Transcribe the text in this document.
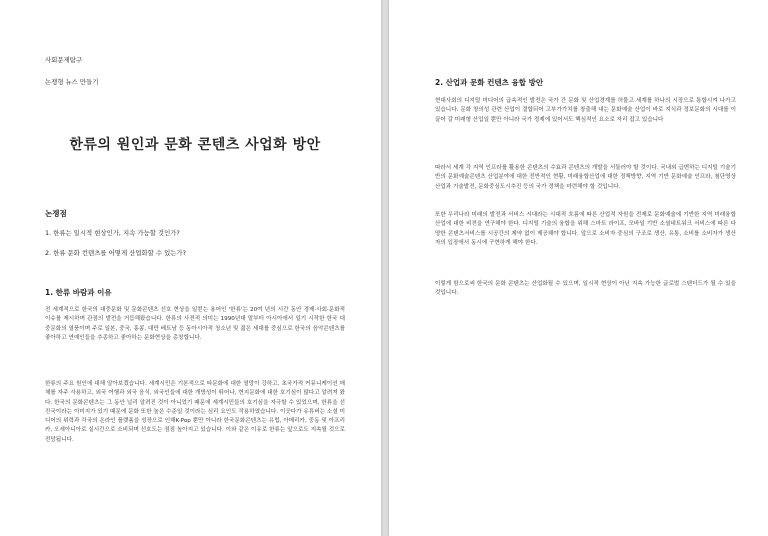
사회문제탐구

논쟁형 뉴스 만들기

한류의 원인과 문화 콘텐츠 사업화 방안
논쟁점

1. 한류는 일시적 현상인가, 지속 가능할 것인가?

2. 한류 문화 컨텐츠를 어떻게 산업화할 수 있는가?

1. 한류 바람과 이유

전 세계적으로 한국의 대중문화 및 문화콘텐츠 선호 현상을 일컫는 용어인 '한류'는 20여 년의 시간 동안 경제·사회·문화적 이슈를 제시하며 관점의 발전을 거듭해왔습니다. 한류의 사전적 의미는 1990년대 말부터 아시아에서 일기 시작한 한국 대중문화의 열풍이며 주로 일본, 중국, 홍콩, 대만 베트남 등 동아시아적 청소년 및 젊은 세대를 중심으로 한국의 음악콘텐츠를 좋아하고 연예인들을 추종하고 좋아하는 문화현상을 총칭합니다.

한류의 주요 원인에 대해 알아보겠습니다. 세계시민은 기본적으로 타문화에 대한 열망이 강하고, 초국가적 커뮤니케이션 매체를 자주 사용하고, 외국 여행과 외국 음식, 외국인들에 대한 개방성이 뛰어나, 현지문화에 대한 호기심이 많다고 알려져 왔다. 한국의 문화콘텐츠는 그 동안 널리 알려진 것이 아니었기 때문에 세계시민들의 호기심을 자극할 수 있었으며, 한류을 선진국이라는 이미지가 있기 때문에 문화 또한 높은 수준일 것이라는 심리 요인도 작용하였습니다. 이곳다가 유튜버는 소셜 미디어의 위력과 각국의 온라인 플랫폼을 성장으로 인해K-Pop 뿐만 아니라 한국문화콘텐츠는 유럽, 아메리카, 중동 및 아프리카, 오세아니아로 실시간으로 소비되며 선호도는 점점 높아지고 있습니다. 이와 같은 이유로 한류는 앞으로도 지속될 것으로 전망됩니다.

2. 산업과 문화 컨텐츠 융합 방안

현대사회의 디지털 미디어의 급속적인 발전은 국가 간 문화 및 산업경계를 허물고 세계를 하나의 시장으로 통합시켜 나가고 있습니다. 문화 창의성 관련 산업이 결합되어 고부가가치를 창출해 내는 문화예술 산업이 바로 지식과 정보문화의 시대를 이끌어 갈 미래형 산업일 뿐만 아니라 국가 경제에 있어서도 핵심적인 요소로 자리 잡고 있습니다

따라서 세계 각 지역 인프라를 활용한 콘텐츠의 수효과 콘텐츠의 개발을 서둘러야 할 것이다. 국내외 급변하는 디지털 기술기반의 문화예술콘텐츠 산업분야에 대한 전반적인 현황, 미래융합산업에 대한 정책방향, 지역 기반 문화예술 인프라, 첨단영상산업과 기술발전, 문화중심도시추진 등의 국가 정책을 마련해야 할 것입니다.

또한 우리나라 미래의 발전과 서비스 시대라는 시대적 흐름에 따른 산업적 자원을 전제로 문화예술에 기반한 지역 미래융합산업에 대한 비전을 연구해야 한다. 디지털 기술의 융합을 위해 스마트 라이프, 모바일 기반 소셜네트워크 서비스에 따른 다양한 콘텐츠서비스를 시공간의 제약 없이 제공해야 합니다. 앞으로 소비자 중심의 구조로 생산, 유통, 소비를 소비자가 생산자의 입장에서 동시에 구현하게 해야 한다.

이렇게 함으로써 한국의 문화 콘텐츠는 산업화될 수 있으며, 일시적 현상이 아닌 지속 가능한 글로벌 스탠더드가 될 수 있을 것입니다.
